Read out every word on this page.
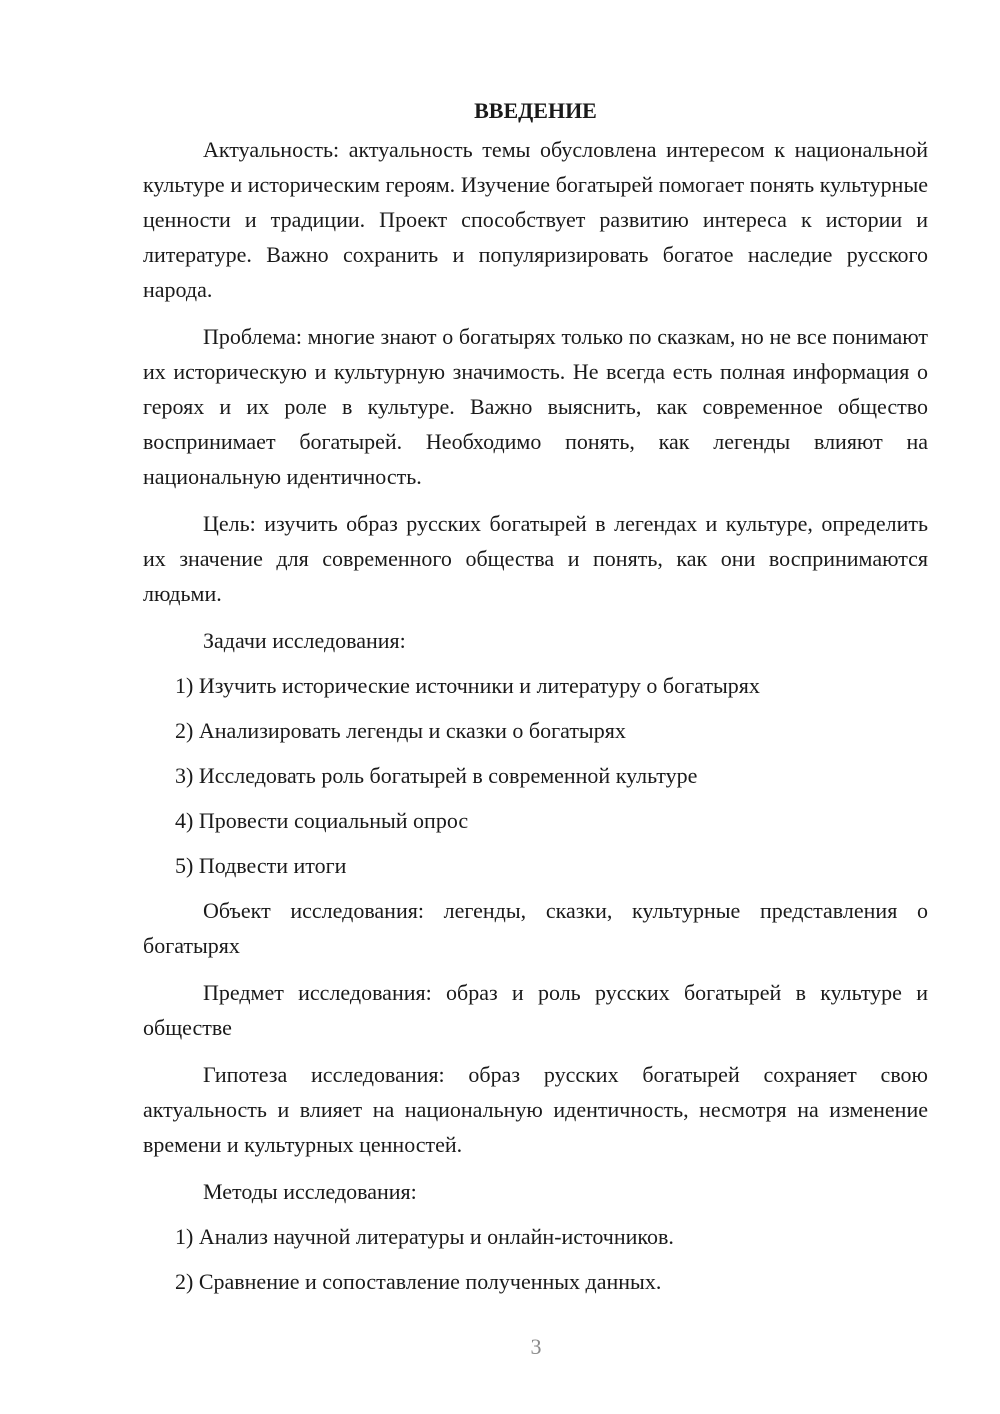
ВВЕДЕНИЕ

Актуальность: актуальность темы обусловлена интересом к национальной культуре и историческим героям. Изучение богатырей помогает понять культурные ценности и традиции. Проект способствует развитию интереса к истории и литературе. Важно сохранить и популяризировать богатое наследие русского народа.

Проблема: многие знают о богатырях только по сказкам, но не все понимают их историческую и культурную значимость. Не всегда есть полная информация о героях и их роле в культуре. Важно выяснить, как современное общество воспринимает богатырей. Необходимо понять, как легенды влияют на национальную идентичность.

Цель: изучить образ русских богатырей в легендах и культуре, определить их значение для современного общества и понять, как они воспринимаются людьми.

Задачи исследования:

1) Изучить исторические источники и литературу о богатырях
2) Анализировать легенды и сказки о богатырях
3) Исследовать роль богатырей в современной культуре
4) Провести социальный опрос
5) Подвести итоги

Объект исследования: легенды, сказки, культурные представления о богатырях

Предмет исследования: образ и роль русских богатырей в культуре и обществе

Гипотеза исследования: образ русских богатырей сохраняет свою актуальность и влияет на национальную идентичность, несмотря на изменение времени и культурных ценностей.

Методы исследования:

1) Анализ научной литературы и онлайн-источников.
2) Сравнение и сопоставление полученных данных.
3
